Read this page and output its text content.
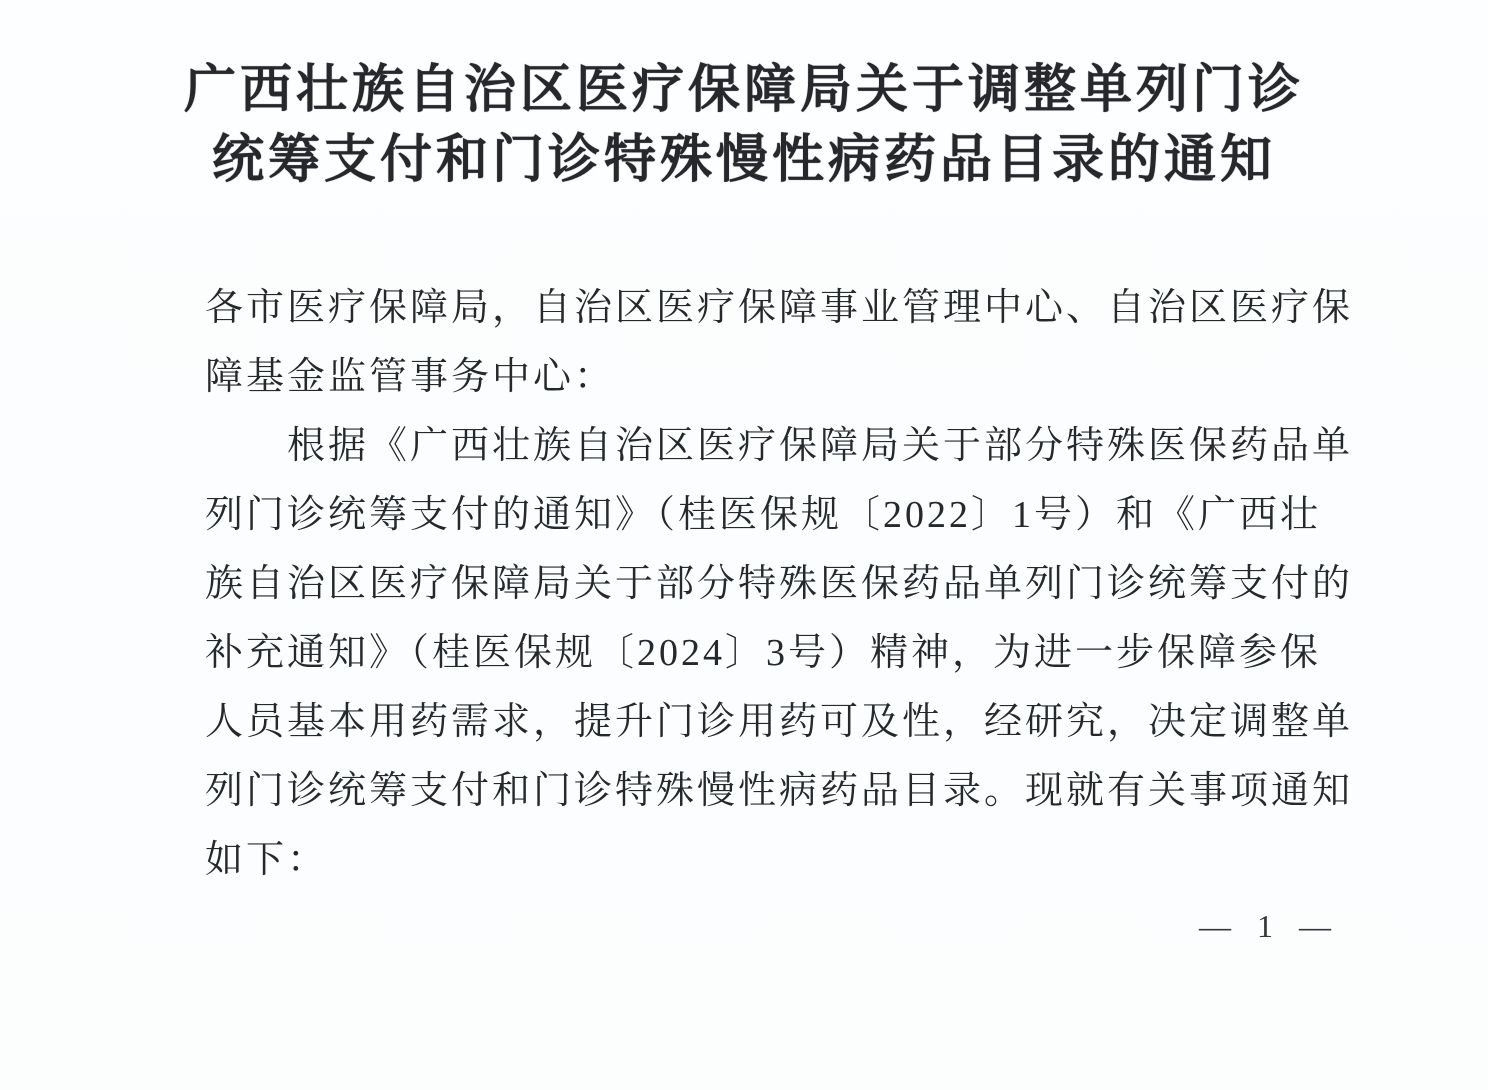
广西壮族自治区医疗保障局关于调整单列门诊
统筹支付和门诊特殊慢性病药品目录的通知
各市医疗保障局，自治区医疗保障事业管理中心、自治区医疗保
障基金监管事务中心：
根据《广西壮族自治区医疗保障局关于部分特殊医保药品单
列门诊统筹支付的通知》（桂医保规〔2022〕1号）和《广西壮
族自治区医疗保障局关于部分特殊医保药品单列门诊统筹支付的
补充通知》（桂医保规〔2024〕3号）精神，为进一步保障参保
人员基本用药需求，提升门诊用药可及性，经研究，决定调整单
列门诊统筹支付和门诊特殊慢性病药品目录。现就有关事项通知
如下：
— 1 —
